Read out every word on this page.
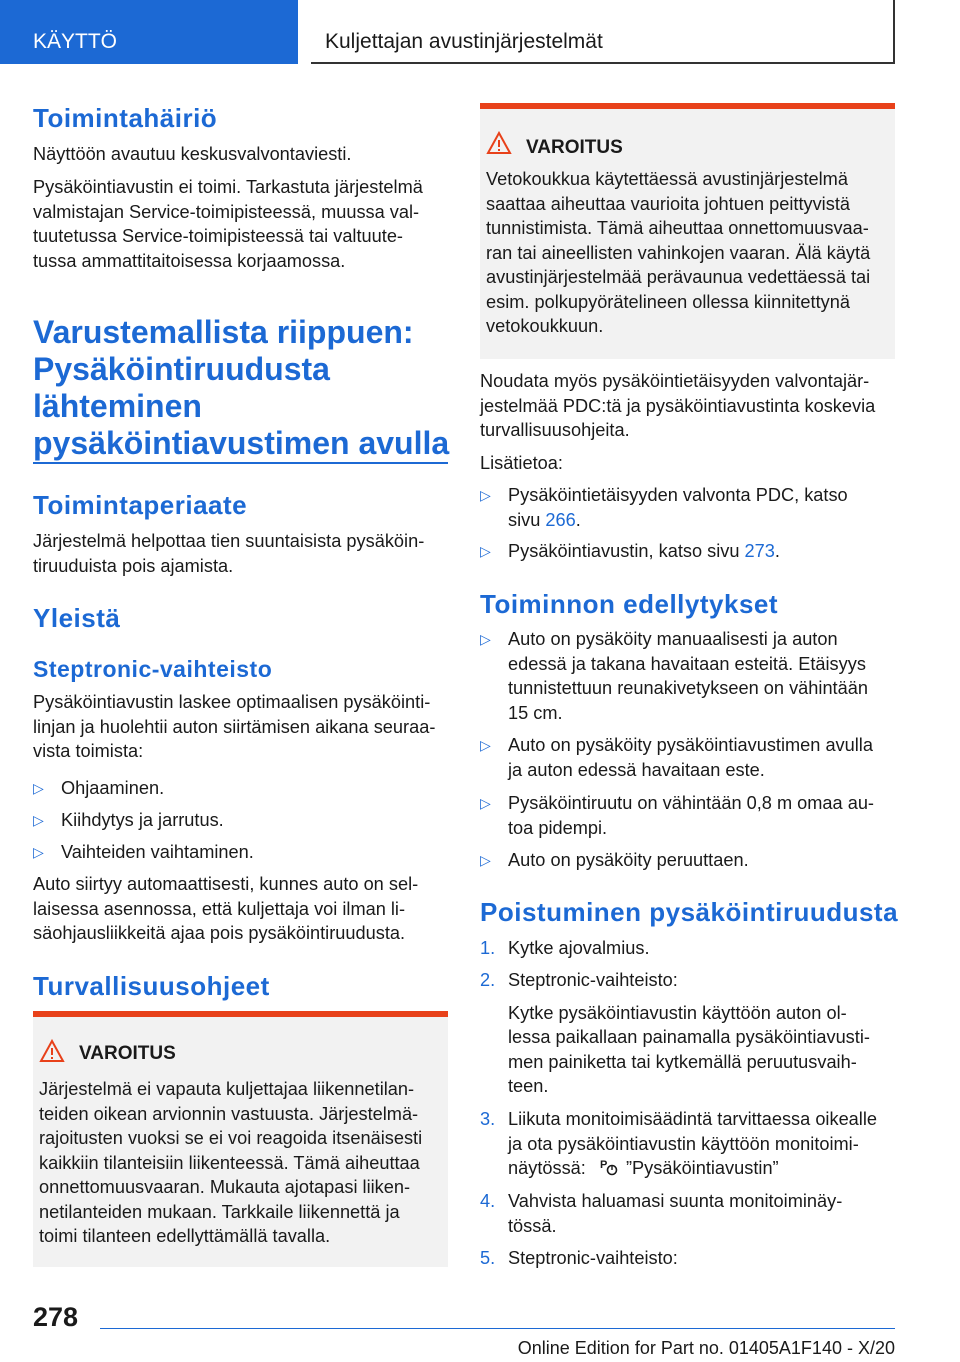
KÄYTTÖ	Kuljettajan avustinjärjestelmät
Toimintahäiriö
Näyttöön avautuu keskusvalvontaviesti.
Pysäköintiavustin ei toimi. Tarkastuta järjestelmä
valmistajan Service-toimipisteessä, muussa val-
tuutetussa Service-toimipisteessä tai valtuute-
tussa ammattitaitoisessa korjaamossa.
Varustemallista riippuen:
Pysäköintiruudusta
lähteminen
pysäköintiavustimen avulla
Toimintaperiaate
Järjestelmä helpottaa tien suuntaisista pysäköin-
tiruuduista pois ajamista.
Yleistä
Steptronic-vaihteisto
Pysäköintiavustin laskee optimaalisen pysäköinti-
linjan ja huolehtii auton siirtämisen aikana seuraa-
vista toimista:
▷ Ohjaaminen.
▷ Kiihdytys ja jarrutus.
▷ Vaihteiden vaihtaminen.
Auto siirtyy automaattisesti, kunnes auto on sel-
laisessa asennossa, että kuljettaja voi ilman li-
säohjausliikkeitä ajaa pois pysäköintiruudusta.
Turvallisuusohjeet
VAROITUS
Järjestelmä ei vapauta kuljettajaa liikennetilan-
teiden oikean arvionnin vastuusta. Järjestelmä-
rajoitusten vuoksi se ei voi reagoida itsenäisesti
kaikkiin tilanteisiin liikenteessä. Tämä aiheuttaa
onnettomuusvaaran. Mukauta ajotapasi liiken-
netilanteiden mukaan. Tarkkaile liikennettä ja
toimi tilanteen edellyttämällä tavalla.
VAROITUS
Vetokoukkua käytettäessä avustinjärjestelmä
saattaa aiheuttaa vaurioita johtuen peittyvistä
tunnistimista. Tämä aiheuttaa onnettomuusvaa-
ran tai aineellisten vahinkojen vaaran. Älä käytä
avustinjärjestelmää perävaunua vedettäessä tai
esim. polkupyörätelineen ollessa kiinnitettynä
vetokoukkuun.
Noudata myös pysäköintietäisyyden valvontajär-
jestelmää PDC:tä ja pysäköintiavustinta koskevia
turvallisuusohjeita.
Lisätietoa:
▷ Pysäköintietäisyyden valvonta PDC, katso
sivu 266.
▷ Pysäköintiavustin, katso sivu 273.
Toiminnon edellytykset
▷ Auto on pysäköity manuaalisesti ja auton
edessä ja takana havaitaan esteitä. Etäisyys
tunnistettuun reunakivetykseen on vähintään
15 cm.
▷ Auto on pysäköity pysäköintiavustimen avulla
ja auton edessä havaitaan este.
▷ Pysäköintiruutu on vähintään 0,8 m omaa au-
toa pidempi.
▷ Auto on pysäköity peruuttaen.
Poistuminen pysäköintiruudusta
1. Kytke ajovalmius.
2. Steptronic-vaihteisto:
Kytke pysäköintiavustin käyttöön auton ol-
lessa paikallaan painamalla pysäköintiavusti-
men painiketta tai kytkemällä peruutusvaih-
teen.
3. Liikuta monitoimisäädintä tarvittaessa oikealle
ja ota pysäköintiavustin käyttöön monitoimi-
näytössä: P ”Pysäköintiavustin”
4. Vahvista haluamasi suunta monitoiminäy-
tössä.
5. Steptronic-vaihteisto:
278
Online Edition for Part no. 01405A1F140 - X/20
